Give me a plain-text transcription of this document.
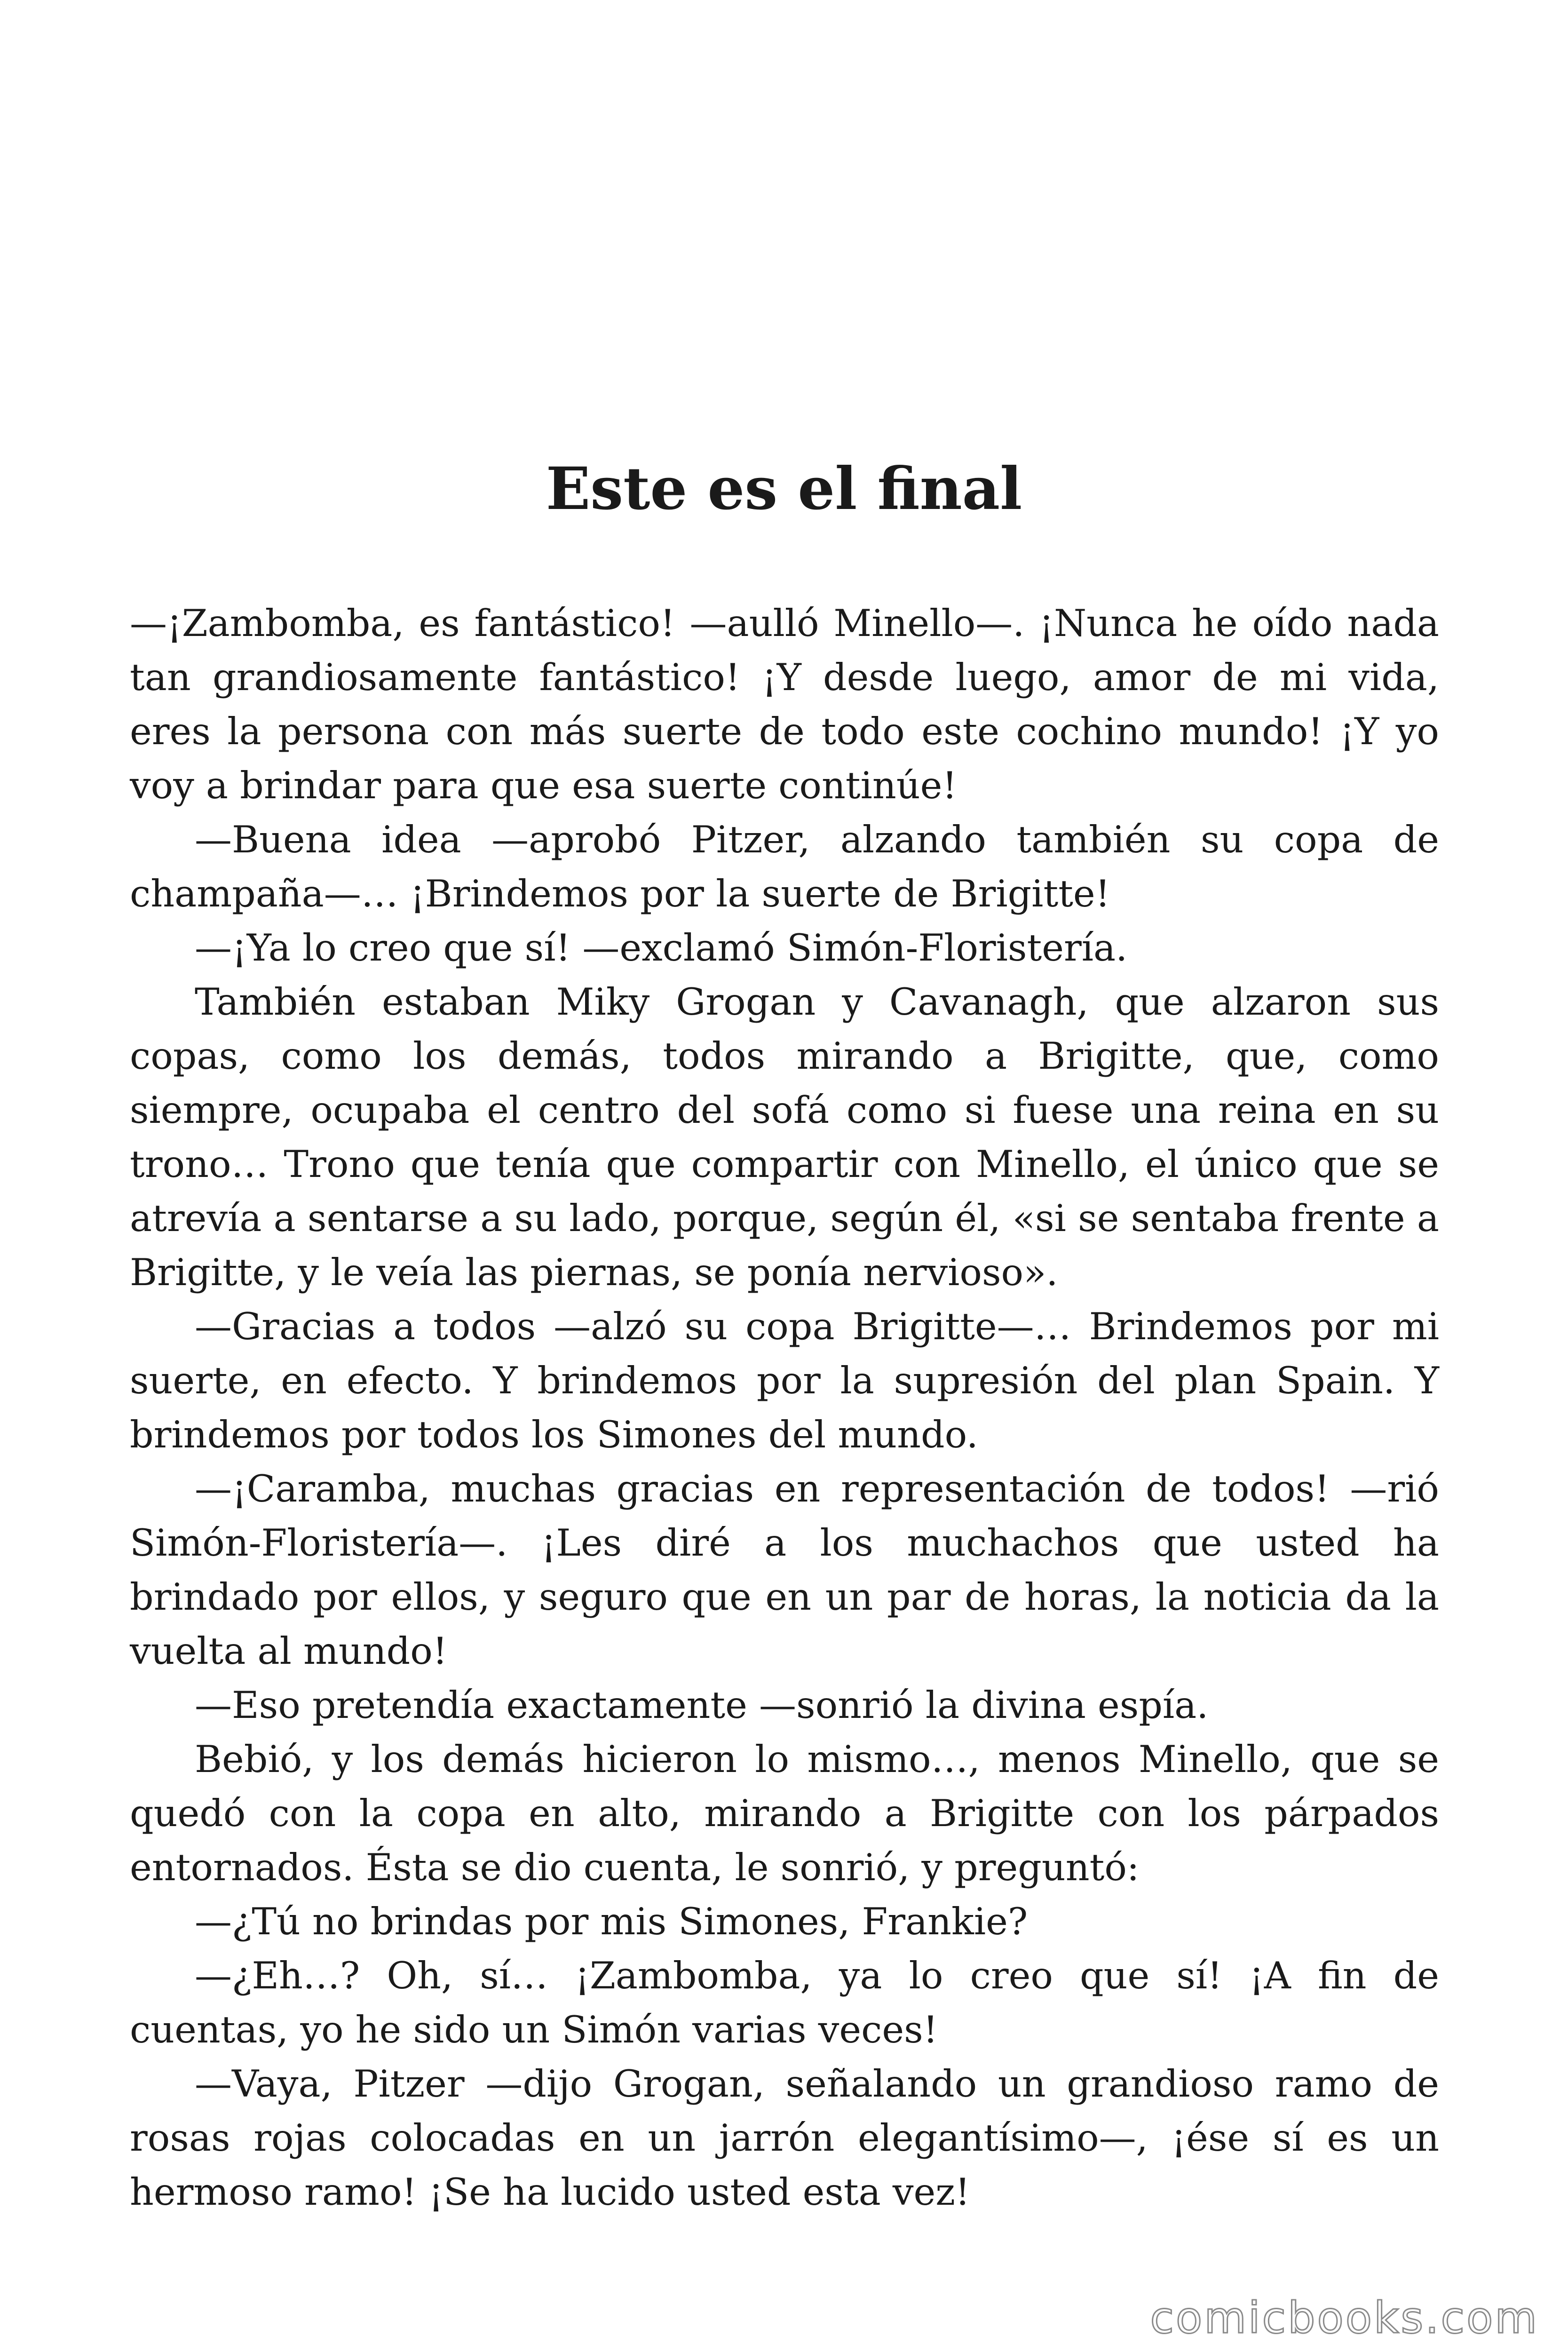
Este es el final

—¡Zambomba, es fantástico! —aulló Minello—. ¡Nunca he oído nada tan grandiosamente fantástico! ¡Y desde luego, amor de mi vida, eres la persona con más suerte de todo este cochino mundo! ¡Y yo voy a brindar para que esa suerte continúe!

—Buena idea —aprobó Pitzer, alzando también su copa de champaña—… ¡Brindemos por la suerte de Brigitte!

—¡Ya lo creo que sí! —exclamó Simón-Floristería.

También estaban Miky Grogan y Cavanagh, que alzaron sus copas, como los demás, todos mirando a Brigitte, que, como siempre, ocupaba el centro del sofá como si fuese una reina en su trono… Trono que tenía que compartir con Minello, el único que se atrevía a sentarse a su lado, porque, según él, «si se sentaba frente a Brigitte, y le veía las piernas, se ponía nervioso».

—Gracias a todos —alzó su copa Brigitte—… Brindemos por mi suerte, en efecto. Y brindemos por la supresión del plan Spain. Y brindemos por todos los Simones del mundo.

—¡Caramba, muchas gracias en representación de todos! —rió Simón-Floristería—. ¡Les diré a los muchachos que usted ha brindado por ellos, y seguro que en un par de horas, la noticia da la vuelta al mundo!

—Eso pretendía exactamente —sonrió la divina espía.

Bebió, y los demás hicieron lo mismo…, menos Minello, que se quedó con la copa en alto, mirando a Brigitte con los párpados entornados. Ésta se dio cuenta, le sonrió, y preguntó:

—¿Tú no brindas por mis Simones, Frankie?

—¿Eh…? Oh, sí… ¡Zambomba, ya lo creo que sí! ¡A fin de cuentas, yo he sido un Simón varias veces!

—Vaya, Pitzer —dijo Grogan, señalando un grandioso ramo de rosas rojas colocadas en un jarrón elegantísimo—, ¡ése sí es un hermoso ramo! ¡Se ha lucido usted esta vez!

comicbooks.com
